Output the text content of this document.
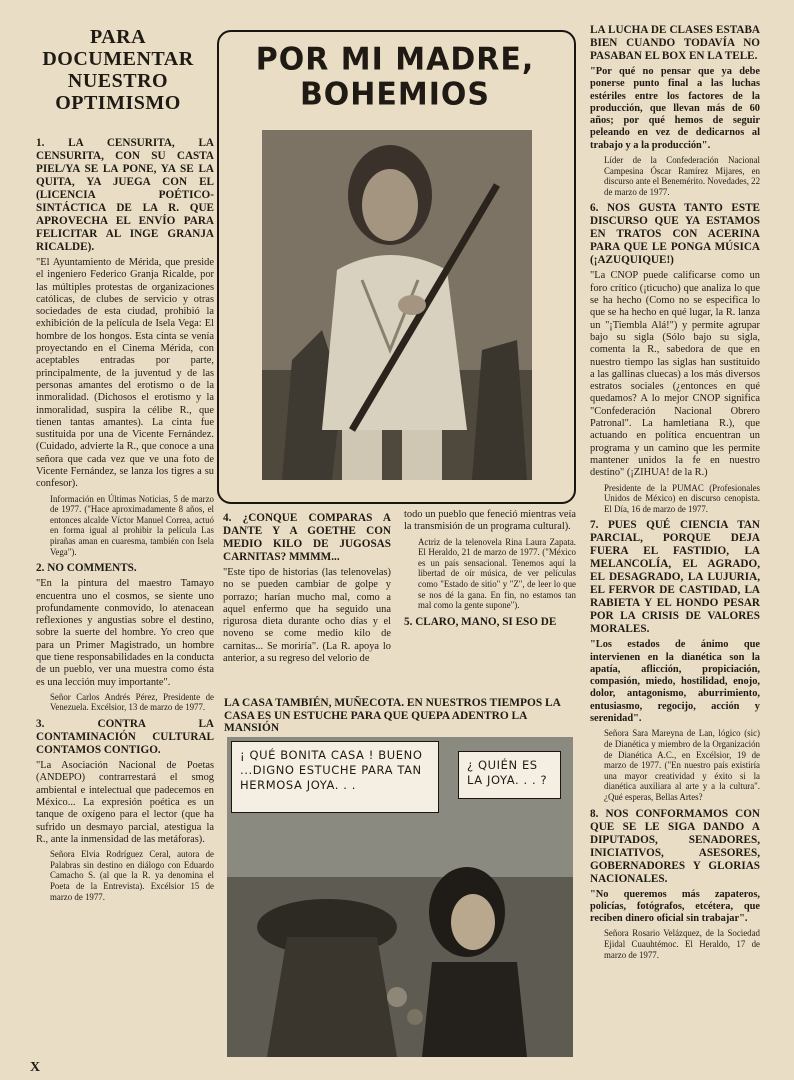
PARA DOCUMENTAR NUESTRO OPTIMISMO

1. LA CENSURITA, LA CENSURITA, CON SU CASTA PIEL/YA SE LA PONE, YA SE LA QUITA, YA JUEGA CON EL (LICENCIA POÉTICO-SINTÁCTICA DE LA R. QUE APROVECHA EL ENVÍO PARA FELICITAR AL INGE GRANJA RICALDE).

"El Ayuntamiento de Mérida, que preside el ingeniero Federico Granja Ricalde, por las múltiples protestas de organizaciones católicas, de clubes de servicio y otras sociedades de esta ciudad, prohibió la exhibición de la película de Isela Vega: El hombre de los hongos. Esta cinta se venía proyectando en el Cinema Mérida, con aceptables entradas por parte, principalmente, de la juventud y de las personas amantes del erotismo o de la inmoralidad. (Dichosos el erotismo y la inmoralidad, suspira la célibe R., que tienen tantas amantes). La cinta fue sustituida por una de Vicente Fernández. (Cuidado, advierte la R., que conoce a una señora que cada vez que ve una foto de Vicente Fernández, se lanza los tigres a su confesor).

Información en Últimas Noticias, 5 de marzo de 1977. ("Hace aproximadamente 8 años, el entonces alcalde Víctor Manuel Correa, actuó en forma igual al prohibir la película Las pirañas aman en cuaresma, también con Isela Vega").

2. NO COMMENTS.

"En la pintura del maestro Tamayo encuentra uno el cosmos, se siente uno profundamente conmovido, lo atenacean reflexiones y angustias sobre el destino, sobre la suerte del hombre. Yo creo que para un Primer Magistrado, un hombre que tiene responsabilidades en la conducta de un pueblo, ver una muestra como ésta es una lección muy importante".

Señor Carlos Andrés Pérez, Presidente de Venezuela. Excélsior, 13 de marzo de 1977.

3. CONTRA LA CONTAMINACIÓN CULTURAL CONTAMOS CONTIGO.

"La Asociación Nacional de Poetas (ANDEPO) contrarrestará el smog ambiental e intelectual que padecemos en México... La expresión poética es un tanque de oxígeno para el lector (que ha sufrido un desmayo parcial, atestigua la R., ante la inmensidad de las metáforas).

Señora Elvia Rodríguez Ceral, autora de Palabras sin destino en diálogo con Eduardo Camacho S. (al que la R. ya denomina el Poeta de la Entrevista). Excélsior 15 de marzo de 1977.

POR MI MADRE, BOHEMIOS

4. ¿CONQUE COMPARAS A DANTE Y A GOETHE CON MEDIO KILO DE JUGOSAS CARNITAS? MMMM...

"Este tipo de historias (las telenovelas) no se pueden cambiar de golpe y porrazo; harían mucho mal, como a aquel enfermo que ha seguido una rigurosa dieta durante ocho días y el noveno se come medio kilo de carnitas... Se moriría". (La R. apoya lo anterior, a su regreso del velorio de

todo un pueblo que feneció mientras veía la transmisión de un programa cultural).

Actriz de la telenovela Rina Laura Zapata. El Heraldo, 21 de marzo de 1977. ("México es un país sensacional. Tenemos aquí la libertad de oír música, de ver películas como "Estado de sitio" y "Z", de leer lo que se nos dé la gana. En fin, no estamos tan mal como la gente supone").

5. CLARO, MANO, SI ESO DE

LA CASA TAMBIÉN, MUÑECOTA. EN NUESTROS TIEMPOS LA CASA ES UN ESTUCHE PARA QUE QUEPA ADENTRO LA MANSIÓN
¡ QUÉ BONITA CASA ! BUENO ...DIGNO ESTUCHE PARA TAN HERMOSA JOYA. . .
¿ QUIÉN ES LA JOYA. . . ?

LA LUCHA DE CLASES ESTABA BIEN CUANDO TODAVÍA NO PASABAN EL BOX EN LA TELE.

"Por qué no pensar que ya debe ponerse punto final a las luchas estériles entre los factores de la producción, que llevan más de 60 años; por qué hemos de seguir peleando en vez de dedicarnos al trabajo y a la producción".

Líder de la Confederación Nacional Campesina Óscar Ramírez Mijares, en discurso ante el Benemérito. Novedades, 22 de marzo de 1977.

6. NOS GUSTA TANTO ESTE DISCURSO QUE YA ESTAMOS EN TRATOS CON ACERINA PARA QUE LE PONGA MÚSICA (¡AZUQUIQUE!)

"La CNOP puede calificarse como un foro crítico (¡ticucho) que analiza lo que se ha hecho (Como no se especifica lo que se ha hecho en qué lugar, la R. lanza un "¡Tiembla Alá!") y permite agrupar bajo su sigla (Sólo bajo su sigla, comenta la R., sabedora de que en nuestro tiempo las siglas han sustituido a las gallinas cluecas) a los más diversos estratos sociales (¿entonces en qué quedamos? A lo mejor CNOP significa "Confederación Nacional Obrero Patronal". La hamletiana R.), que actuando en política encuentran un programa y un camino que les permite mantener unidos la fe en nuestro destino" (¡ZIHUA! de la R.)

Presidente de la PUMAC (Profesionales Unidos de México) en discurso cenopista. El Día, 16 de marzo de 1977.

7. PUES QUÉ CIENCIA TAN PARCIAL, PORQUE DEJA FUERA EL FASTIDIO, LA MELANCOLÍA, EL AGRADO, EL DESAGRADO, LA LUJURIA, EL FERVOR DE CASTIDAD, LA RABIETA Y EL HONDO PESAR POR LA CRISIS DE VALORES MORALES.

"Los estados de ánimo que intervienen en la dianética son la apatía, aflicción, propiciación, compasión, miedo, hostilidad, enojo, dolor, antagonismo, aburrimiento, entusiasmo, regocijo, acción y serenidad".

Señora Sara Mareyna de Lan, lógico (sic) de Dianética y miembro de la Organización de Dianética A.C., en Excélsior, 19 de marzo de 1977. ("En nuestro país existiría una mayor creatividad y éxito si la dianética auxiliara al arte y a la cultura". ¿Qué esperas, Bellas Artes?

8. NOS CONFORMAMOS CON QUE SE LE SIGA DANDO A DIPUTADOS, SENADORES, INICIATIVOS, ASESORES, GOBERNADORES Y GLORIAS NACIONALES.

"No queremos más zapateros, policías, fotógrafos, etcétera, que reciben dinero oficial sin trabajar".

Señora Rosario Velázquez, de la Sociedad Ejidal Cuauhtémoc. El Heraldo, 17 de marzo de 1977.

X
